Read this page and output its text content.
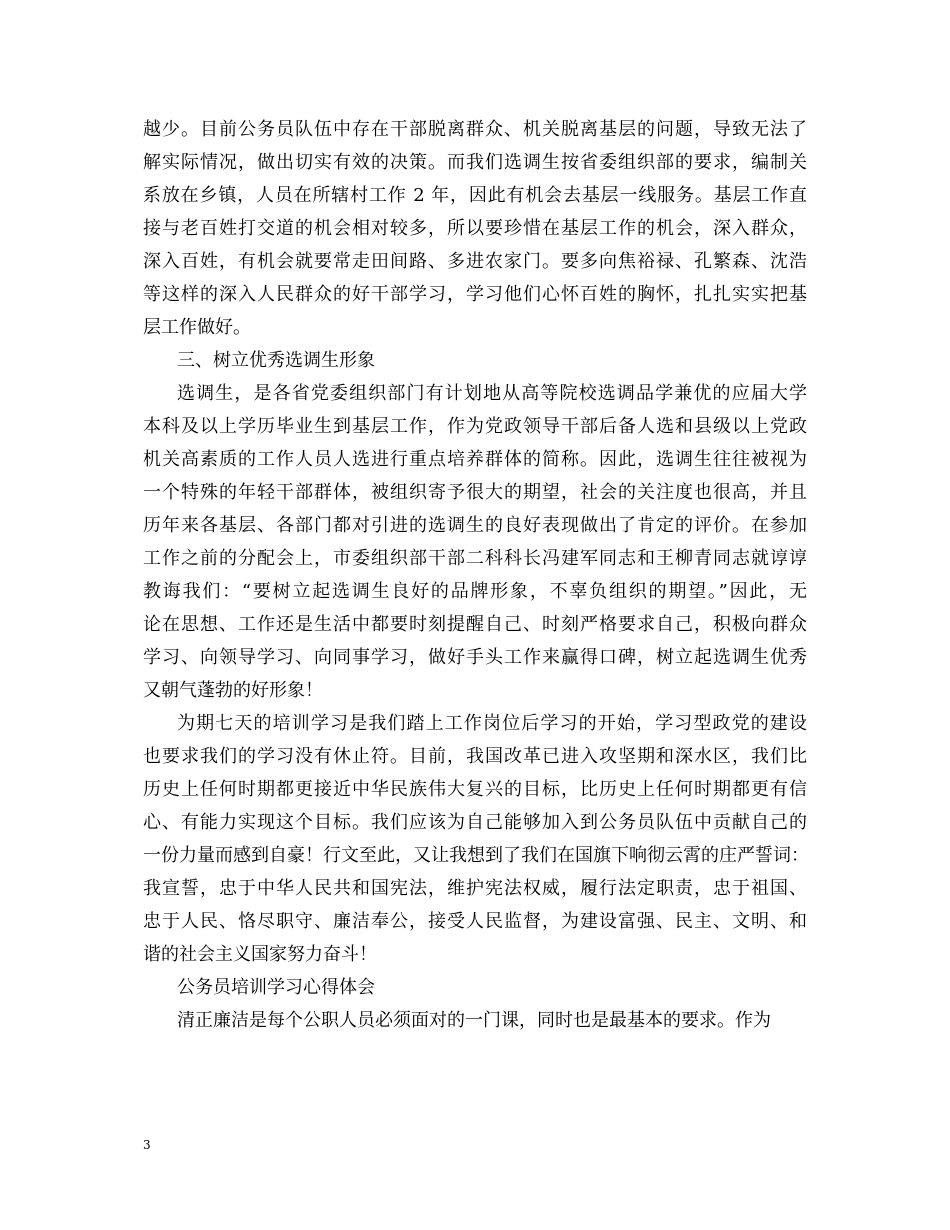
越少。目前公务员队伍中存在干部脱离群众、机关脱离基层的问题，导致无法了
解实际情况，做出切实有效的决策。而我们选调生按省委组织部的要求，编制关
系放在乡镇，人员在所辖村工作 2 年，因此有机会去基层一线服务。基层工作直
接与老百姓打交道的机会相对较多，所以要珍惜在基层工作的机会，深入群众，
深入百姓，有机会就要常走田间路、多进农家门。要多向焦裕禄、孔繁森、沈浩
等这样的深入人民群众的好干部学习，学习他们心怀百姓的胸怀，扎扎实实把基
层工作做好。
三、树立优秀选调生形象
选调生，是各省党委组织部门有计划地从高等院校选调品学兼优的应届大学
本科及以上学历毕业生到基层工作，作为党政领导干部后备人选和县级以上党政
机关高素质的工作人员人选进行重点培养群体的简称。因此，选调生往往被视为
一个特殊的年轻干部群体，被组织寄予很大的期望，社会的关注度也很高，并且
历年来各基层、各部门都对引进的选调生的良好表现做出了肯定的评价。在参加
工作之前的分配会上，市委组织部干部二科科长冯建军同志和王柳青同志就谆谆
教诲我们：“要树立起选调生良好的品牌形象，不辜负组织的期望。”因此，无
论在思想、工作还是生活中都要时刻提醒自己、时刻严格要求自己，积极向群众
学习、向领导学习、向同事学习，做好手头工作来赢得口碑，树立起选调生优秀
又朝气蓬勃的好形象！
为期七天的培训学习是我们踏上工作岗位后学习的开始，学习型政党的建设
也要求我们的学习没有休止符。目前，我国改革已进入攻坚期和深水区，我们比
历史上任何时期都更接近中华民族伟大复兴的目标，比历史上任何时期都更有信
心、有能力实现这个目标。我们应该为自己能够加入到公务员队伍中贡献自己的
一份力量而感到自豪！行文至此，又让我想到了我们在国旗下响彻云霄的庄严誓词：
我宣誓，忠于中华人民共和国宪法，维护宪法权威，履行法定职责，忠于祖国、
忠于人民、恪尽职守、廉洁奉公，接受人民监督，为建设富强、民主、文明、和
谐的社会主义国家努力奋斗！
公务员培训学习心得体会
清正廉洁是每个公职人员必须面对的一门课，同时也是最基本的要求。作为
3
